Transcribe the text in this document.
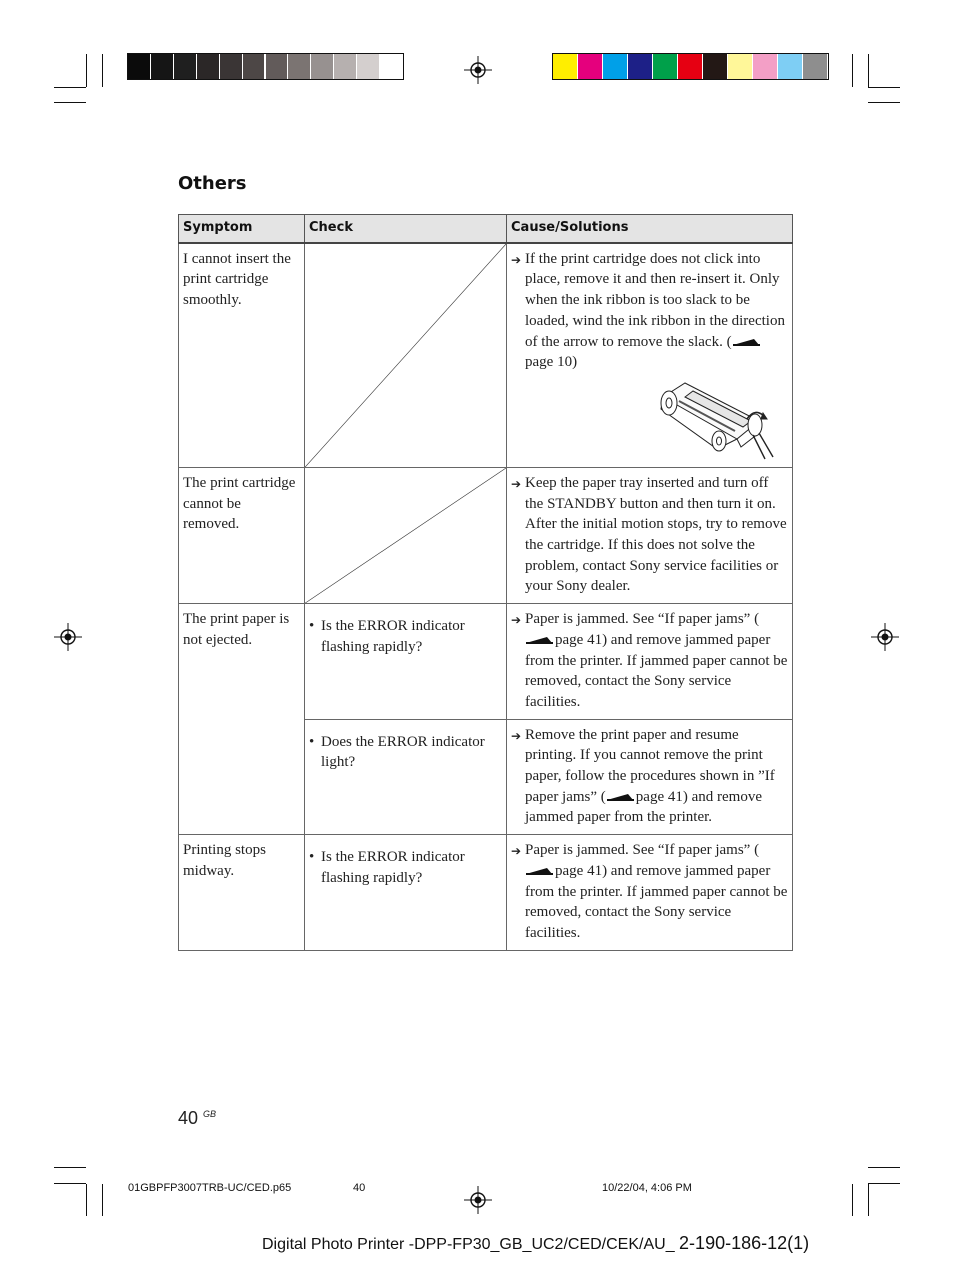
Others
Symptom	Check	Cause/Solutions
I cannot insert the print cartridge smoothly.		➔ If the print cartridge does not click into place, remove it and then re-insert it. Only when the ink ribbon is too slack to be loaded, wind the ink ribbon in the direction of the arrow to remove the slack. (page 10)

The print cartridge cannot be removed.		➔ Keep the paper tray inserted and turn off the STANDBY button and then turn it on. After the initial motion stops, try to remove the cartridge. If this does not solve the problem, contact Sony service facilities or your Sony dealer.

The print paper is not ejected.	• Is the ERROR indicator flashing rapidly?	➔ Paper is jammed. See “If paper jams” (page 41) and remove jammed paper from the printer. If jammed paper cannot be removed, contact the Sony service facilities.

	• Does the ERROR indicator light?	➔ Remove the print paper and resume printing. If you cannot remove the print paper, follow the procedures shown in ”If paper jams” ( page 41) and remove jammed paper from the printer.

Printing stops midway.	• Is the ERROR indicator flashing rapidly?	➔ Paper is jammed. See “If paper jams” (page 41) and remove jammed paper from the printer. If jammed paper cannot be removed, contact the Sony service facilities.
40 $^{GB}$
01GBPFP3007TRB-UC/CED.p65	40	10/22/04, 4:06 PM
Digital Photo Printer -DPP-FP30_GB_UC2/CED/CEK/AU_ 2-190-186-12(1)
